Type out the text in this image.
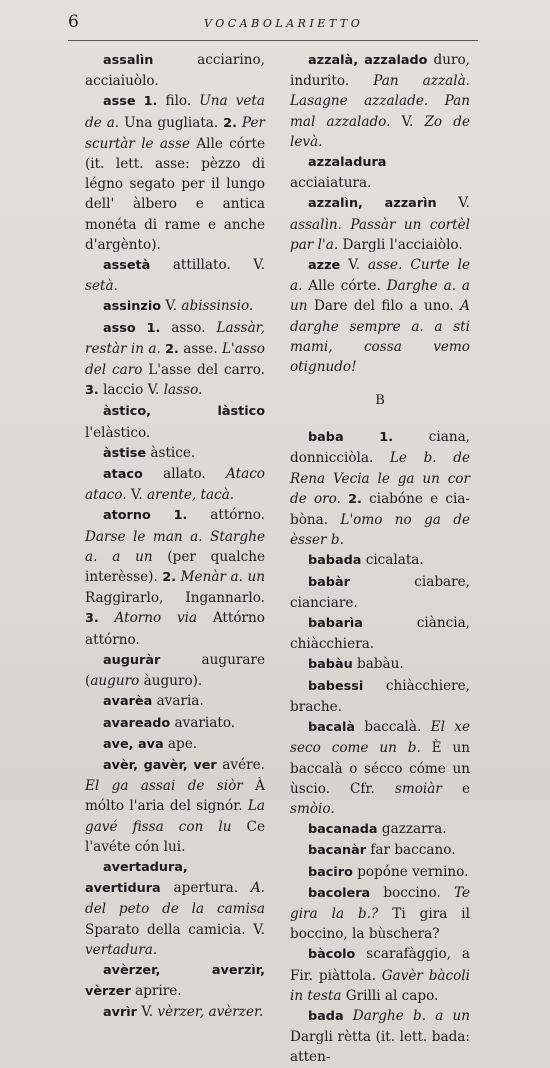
6	VOCABOLARIETTO

assalìn acciarino, acciaiuòlo.

asse 1. filo. Una veta de a. Una gugliata. 2. Per scurtàr le asse Alle córte (it. lett. asse: pèzzo di légno segato per il lungo dell' àlbero e antica monéta di rame e anche d'argènto).

assetà attillato. V. setà.

assinzio V. abissinsio.

asso 1. asso. Lassàr, restàr in a. 2. asse. L'asso del caro L'asse del carro. 3. laccio V. lasso.

àstico, làstico l'elàstico.

àstise àstice.

ataco allato. Ataco ataco. V. arente, tacà.

atorno 1. attórno. Darse le man a. Starghe a. a un (per qualche interèsse). 2. Menàr a. un Raggirarlo, Ingannarlo. 3. Atorno via Attórno attórno.

auguràr augurare (auguro àuguro).

avarèa avaria.

avareado avariato.

ave, ava ape.

avèr, gavèr, ver avére. El ga assai de siòr À mólto l'aria del signór. La gavé fissa con lu Ce l'avéte cón lui.

avertadura, avertidura apertura. A. del peto de la camisa Sparato della camicia. V. vertadura.

avèrzer, averzìr, vèrzer aprire.

avrìr V. vèrzer, avèrzer.

azzalà, azzalado duro, indurito. Pan azzalà. Lasagne azzalade. Pan mal azzalado. V. Zo de levà.

azzaladura acciaiatura.

azzalìn, azzarìn V. assalìn. Passàr un cortèl par l'a. Dargli l'acciaiòlo.

azze V. asse. Curte le a. Alle córte. Darghe a. a un Dare del filo a uno. A darghe sempre a. a sti mami, cossa vemo otignudo!

B

baba	1. ciana, donnicciòla. Le b. de Rena Vecia le ga un cor de oro. 2. ciabóne e ciabòna. L'omo no ga de èsser b.

babada cicalata.

babàr ciabare, cianciare.

babarìa ciància, chiàcchiera.

babàu babàu.

babessi chiàcchiere, brache.

bacalà baccalà. El xe seco come un b. È un baccalà o sécco cóme un ùscio. Cfr. smoiàr e smòio.

bacanada gazzarra.

bacanàr far baccano.

baciro popóne vernino.

bacolera boccino. Te gira la b.? Ti gira il boccino, la bùschera?

bàcolo scarafàggio, a Fir. piàttola. Gavèr bàcoli in testa Grilli al capo.

bada Darghe b. a un Dargli rètta (it. lett. bada: atten-
